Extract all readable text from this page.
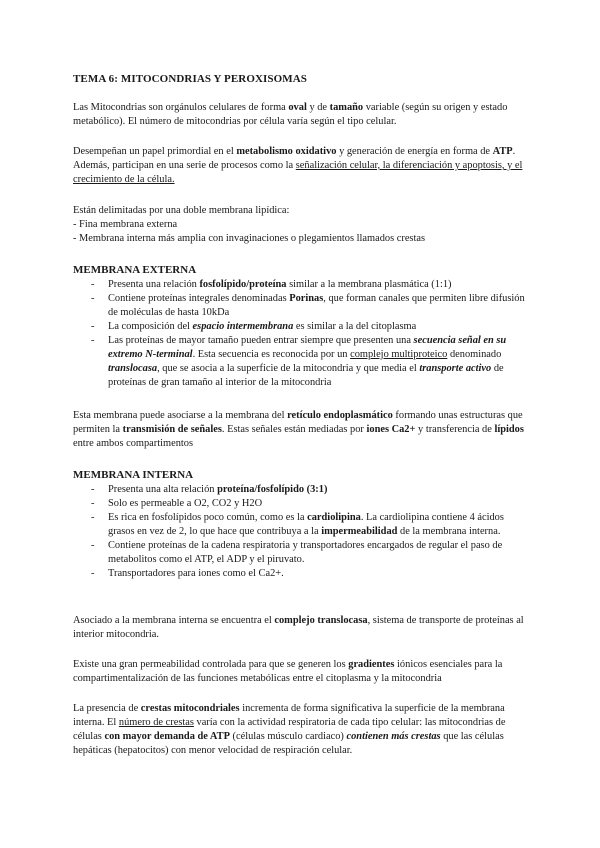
TEMA 6: MITOCONDRIAS Y PEROXISOMAS

Las Mitocondrias son orgánulos celulares de forma oval y de tamaño variable (según su origen y estado metabólico). El número de mitocondrias por célula varía según el tipo celular.

Desempeñan un papel primordial en el metabolismo oxidativo y generación de energía en forma de ATP. Además, participan en una serie de procesos como la señalización celular, la diferenciación y apoptosis, y el crecimiento de la célula.

Están delimitadas por una doble membrana lipídica:
- Fina membrana externa
- Membrana interna más amplia con invaginaciones o plegamientos llamados crestas
MEMBRANA EXTERNA
- Presenta una relación fosfolípido/proteína similar a la membrana plasmática (1:1)
- Contiene proteínas integrales denominadas Porinas, que forman canales que permiten libre difusión de moléculas de hasta 10kDa
- La composición del espacio intermembrana es similar a la del citoplasma
- Las proteínas de mayor tamaño pueden entrar siempre que presenten una secuencia señal en su extremo N-terminal. Esta secuencia es reconocida por un complejo multiproteico denominado translocasa, que se asocia a la superficie de la mitocondria y que media el transporte activo de proteínas de gran tamaño al interior de la mitocondria

Esta membrana puede asociarse a la membrana del retículo endoplasmático formando unas estructuras que permiten la transmisión de señales. Estas señales están mediadas por iones Ca2+ y transferencia de lípidos entre ambos compartimentos

MEMBRANA INTERNA
- Presenta una alta relación proteína/fosfolípido (3:1)
- Solo es permeable a O2, CO2 y H2O
- Es rica en fosfolípidos poco común, como es la cardiolipina. La cardiolipina contiene 4 ácidos grasos en vez de 2, lo que hace que contribuya a la impermeabilidad de la membrana interna.
- Contiene proteínas de la cadena respiratoria y transportadores encargados de regular el paso de metabolitos como el ATP, el ADP y el piruvato.
- Transportadores para iones como el Ca2+.

Asociado a la membrana interna se encuentra el complejo translocasa, sistema de transporte de proteínas al interior mitocondria.

Existe una gran permeabilidad controlada para que se generen los gradientes iónicos esenciales para la compartimentalización de las funciones metabólicas entre el citoplasma y la mitocondria

La presencia de crestas mitocondriales incrementa de forma significativa la superficie de la membrana interna. El número de crestas varía con la actividad respiratoria de cada tipo celular: las mitocondrias de células con mayor demanda de ATP (células músculo cardiaco) contienen más crestas que las células hepáticas (hepatocitos) con menor velocidad de respiración celular.
